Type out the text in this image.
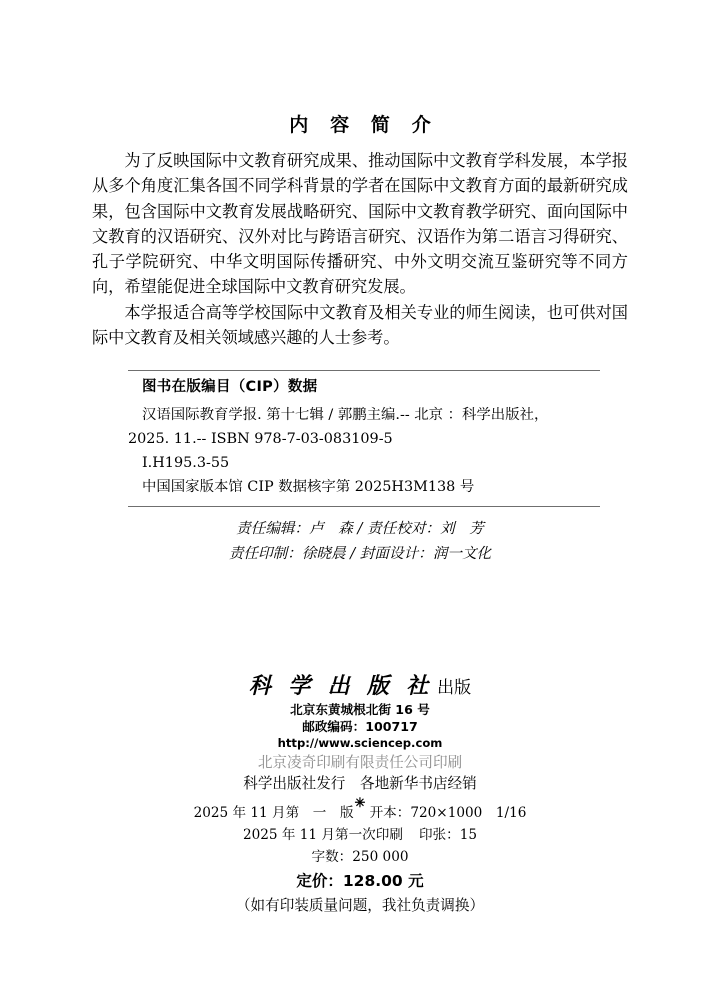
内 容 简 介

为了反映国际中文教育研究成果、推动国际中文教育学科发展，本学报从多个角度汇集各国不同学科背景的学者在国际中文教育方面的最新研究成果，包含国际中文教育发展战略研究、国际中文教育教学研究、面向国际中文教育的汉语研究、汉外对比与跨语言研究、汉语作为第二语言习得研究、孔子学院研究、中华文明国际传播研究、中外文明交流互鉴研究等不同方向，希望能促进全球国际中文教育研究发展。

本学报适合高等学校国际中文教育及相关专业的师生阅读，也可供对国际中文教育及相关领域感兴趣的人士参考。

图书在版编目（CIP）数据
汉语国际教育学报. 第十七辑 / 郭鹏主编.-- 北京 ：科学出版社，
2025. 11.-- ISBN 978-7-03-083109-5
Ⅰ.H195.3-55
中国国家版本馆 CIP 数据核字第 2025H3M138 号
责任编辑：卢　森 / 责任校对：刘　芳
责任印制：徐晓晨 / 封面设计：润一文化
科 学 出 版 社 出版
北京东黄城根北街 16 号
邮政编码：100717
http://www.sciencep.com
北京凌奇印刷有限责任公司印刷
科学出版社发行　各地新华书店经销
✳
2025 年 11 月第　一　版 开本：720×1000　1/16
2025 年 11 月第一次印刷 印张：15
字数：250 000
定价：128.00 元
（如有印装质量问题，我社负责调换）
